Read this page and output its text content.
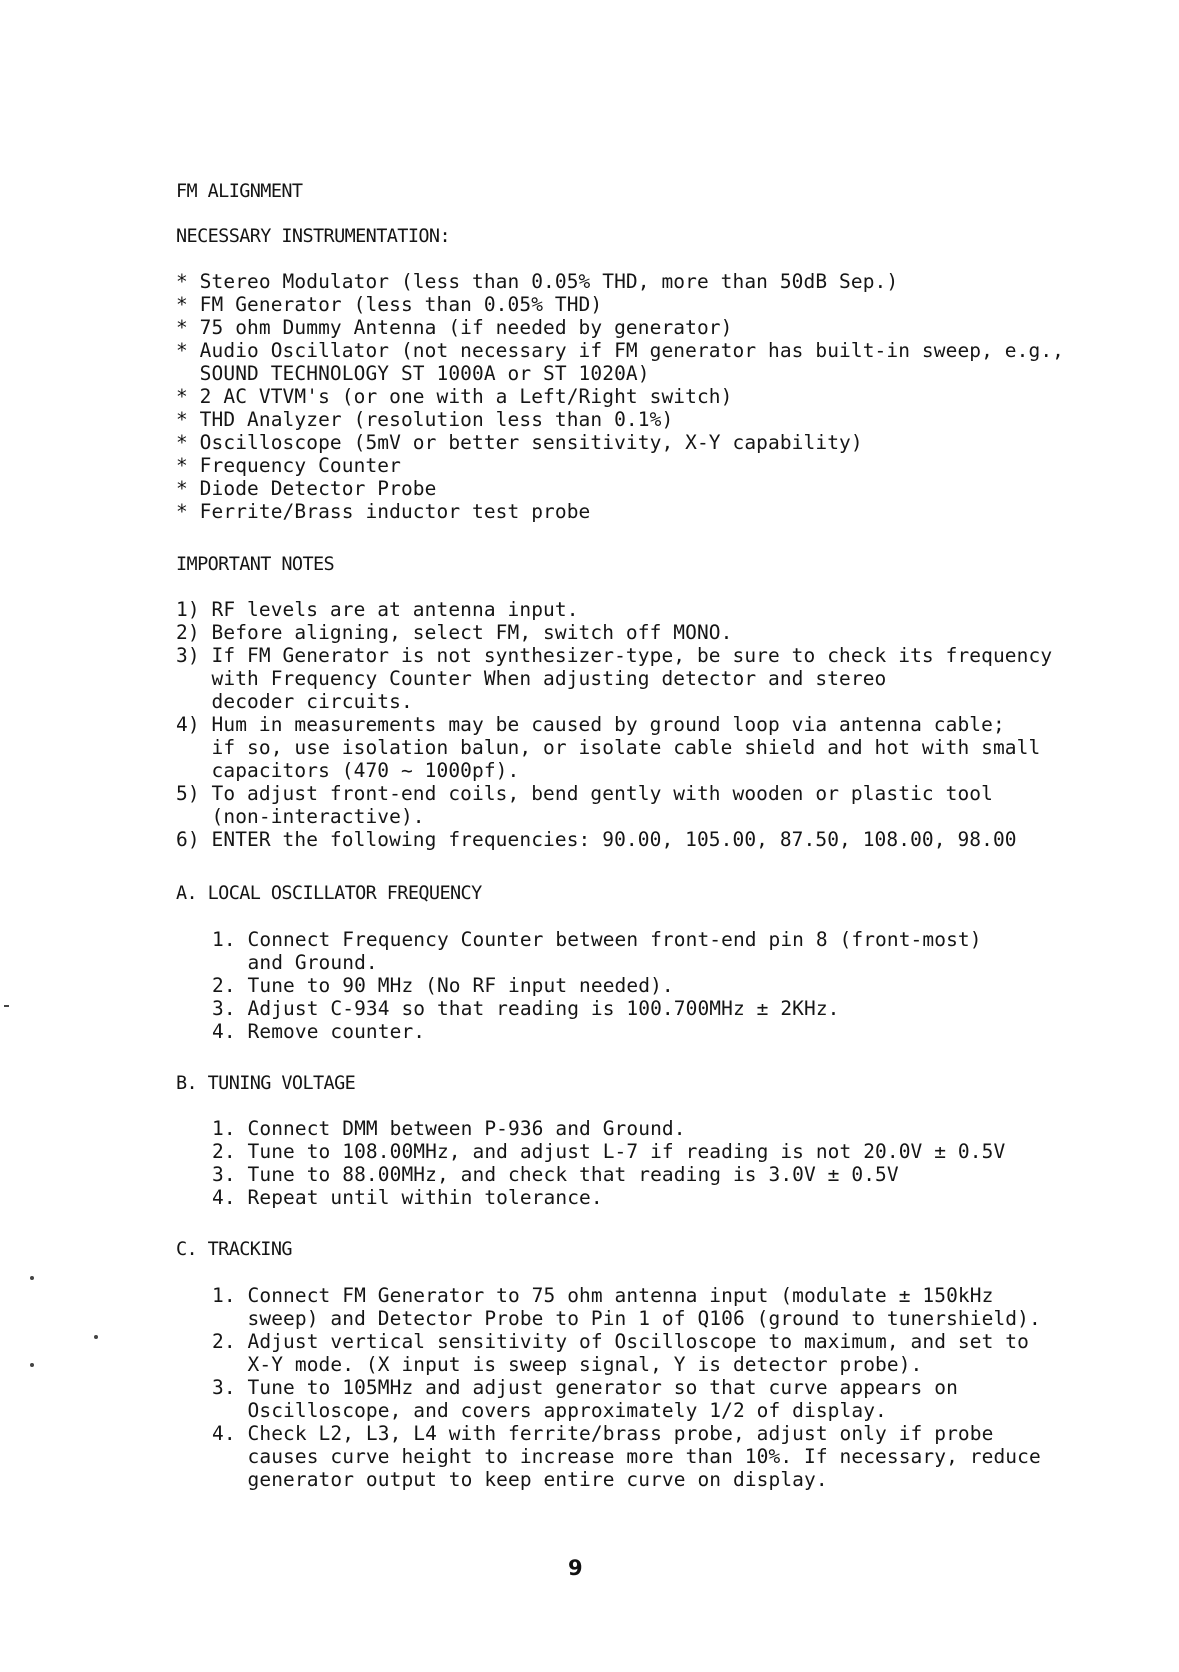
FM ALIGNMENT
NECESSARY INSTRUMENTATION:
* Stereo Modulator (less than 0.05% THD, more than 50dB Sep.)
* FM Generator (less than 0.05% THD)
* 75 ohm Dummy Antenna (if needed by generator)
* Audio Oscillator (not necessary if FM generator has built-in sweep, e.g.,
SOUND TECHNOLOGY ST 1000A or ST 1020A)
* 2 AC VTVM's (or one with a Left/Right switch)
* THD Analyzer (resolution less than 0.1%)
* Oscilloscope (5mV or better sensitivity, X-Y capability)
* Frequency Counter
* Diode Detector Probe
* Ferrite/Brass inductor test probe
IMPORTANT NOTES
1) RF levels are at antenna input.
2) Before aligning, select FM, switch off MONO.
3) If FM Generator is not synthesizer-type, be sure to check its frequency
with Frequency Counter When adjusting detector and stereo
decoder circuits.
4) Hum in measurements may be caused by ground loop via antenna cable;
if so, use isolation balun, or isolate cable shield and hot with small
capacitors (470 ~ 1000pf).
5) To adjust front-end coils, bend gently with wooden or plastic tool
(non-interactive).
6) ENTER the following frequencies: 90.00, 105.00, 87.50, 108.00, 98.00
A. LOCAL OSCILLATOR FREQUENCY
1. Connect Frequency Counter between front-end pin 8 (front-most)
and Ground.
2. Tune to 90 MHz (No RF input needed).
3. Adjust C-934 so that reading is 100.700MHz ± 2KHz.
4. Remove counter.
B. TUNING VOLTAGE
1. Connect DMM between P-936 and Ground.
2. Tune to 108.00MHz, and adjust L-7 if reading is not 20.0V ± 0.5V
3. Tune to 88.00MHz, and check that reading is 3.0V ± 0.5V
4. Repeat until within tolerance.
C. TRACKING
1. Connect FM Generator to 75 ohm antenna input (modulate ± 150kHz
sweep) and Detector Probe to Pin 1 of Q106 (ground to tunershield).
2. Adjust vertical sensitivity of Oscilloscope to maximum, and set to
X-Y mode. (X input is sweep signal, Y is detector probe).
3. Tune to 105MHz and adjust generator so that curve appears on
Oscilloscope, and covers approximately 1/2 of display.
4. Check L2, L3, L4 with ferrite/brass probe, adjust only if probe
causes curve height to increase more than 10%. If necessary, reduce
generator output to keep entire curve on display.
9
